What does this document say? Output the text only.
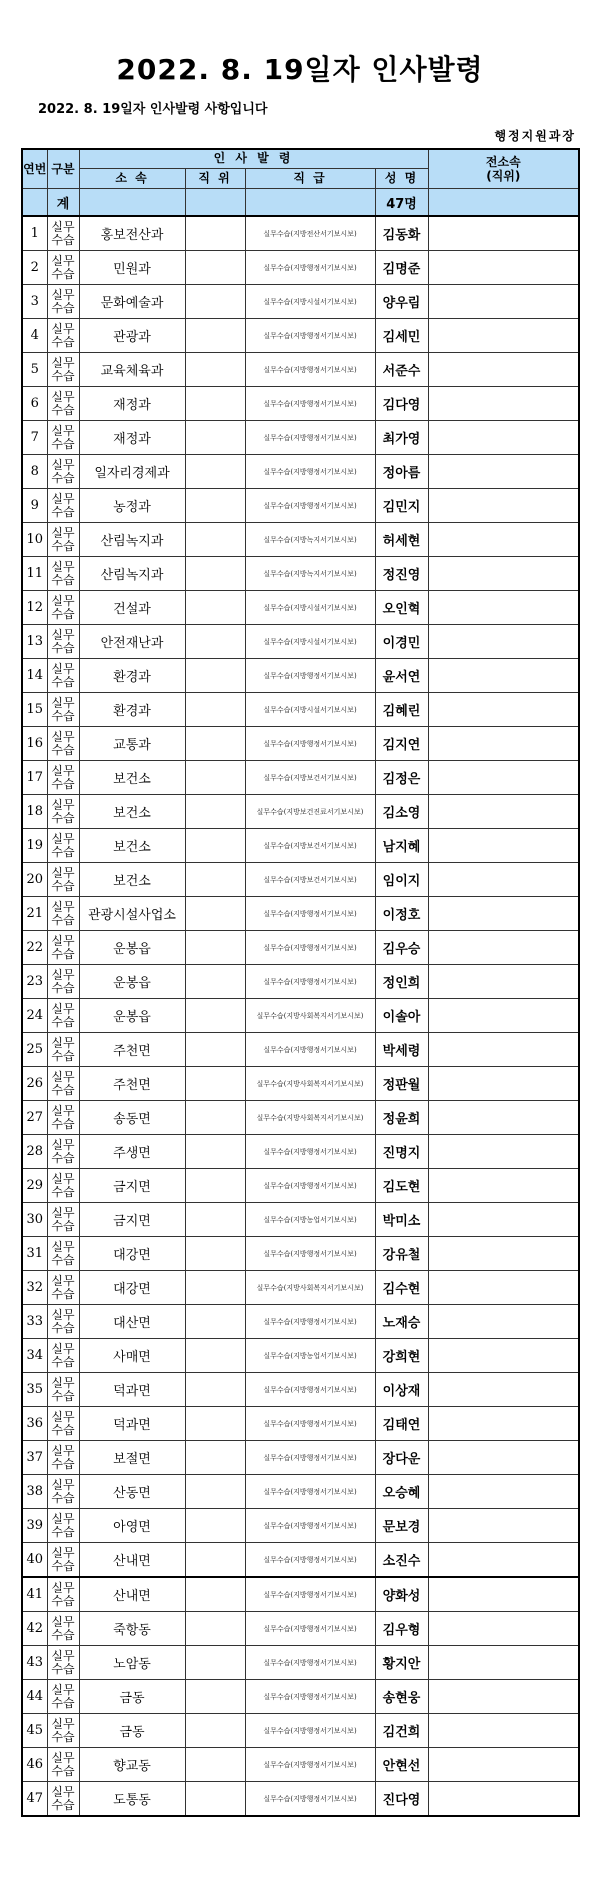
2022. 8. 19일자 인사발령
2022. 8. 19일자 인사발령 사항입니다
행정지원과장
연번	구분	인 사 발 령				전소속
(직위)
		소 속	직 위	직 급	성 명	
	계				47명	
1	실무수습	홍보전산과		실무수습(지방전산서기보시보)	김동화	
2	실무수습	민원과		실무수습(지방행정서기보시보)	김명준	
3	실무수습	문화예술과		실무수습(지방시설서기보시보)	양우림	
4	실무수습	관광과		실무수습(지방행정서기보시보)	김세민	
5	실무수습	교육체육과		실무수습(지방행정서기보시보)	서준수	
6	실무수습	재정과		실무수습(지방행정서기보시보)	김다영	
7	실무수습	재정과		실무수습(지방행정서기보시보)	최가영	
8	실무수습	일자리경제과		실무수습(지방행정서기보시보)	정아름	
9	실무수습	농정과		실무수습(지방행정서기보시보)	김민지	
10	실무수습	산림녹지과		실무수습(지방녹지서기보시보)	허세현	
11	실무수습	산림녹지과		실무수습(지방녹지서기보시보)	정진영	
12	실무수습	건설과		실무수습(지방시설서기보시보)	오인혁	
13	실무수습	안전재난과		실무수습(지방시설서기보시보)	이경민	
14	실무수습	환경과		실무수습(지방행정서기보시보)	윤서연	
15	실무수습	환경과		실무수습(지방시설서기보시보)	김혜린	
16	실무수습	교통과		실무수습(지방행정서기보시보)	김지연	
17	실무수습	보건소		실무수습(지방보건서기보시보)	김정은	
18	실무수습	보건소		실무수습(지방보건진료서기보시보)	김소영	
19	실무수습	보건소		실무수습(지방보건서기보시보)	남지혜	
20	실무수습	보건소		실무수습(지방보건서기보시보)	임이지	
21	실무수습	관광시설사업소		실무수습(지방행정서기보시보)	이정호	
22	실무수습	운봉읍		실무수습(지방행정서기보시보)	김우승	
23	실무수습	운봉읍		실무수습(지방행정서기보시보)	정인희	
24	실무수습	운봉읍		실무수습(지방사회복지서기보시보)	이솔아	
25	실무수습	주천면		실무수습(지방행정서기보시보)	박세령	
26	실무수습	주천면		실무수습(지방사회복지서기보시보)	정판월	
27	실무수습	송동면		실무수습(지방사회복지서기보시보)	정윤희	
28	실무수습	주생면		실무수습(지방행정서기보시보)	진명지	
29	실무수습	금지면		실무수습(지방행정서기보시보)	김도현	
30	실무수습	금지면		실무수습(지방농업서기보시보)	박미소	
31	실무수습	대강면		실무수습(지방행정서기보시보)	강유철	
32	실무수습	대강면		실무수습(지방사회복지서기보시보)	김수현	
33	실무수습	대산면		실무수습(지방행정서기보시보)	노재승	
34	실무수습	사매면		실무수습(지방농업서기보시보)	강희현	
35	실무수습	덕과면		실무수습(지방행정서기보시보)	이상재	
36	실무수습	덕과면		실무수습(지방행정서기보시보)	김태연	
37	실무수습	보절면		실무수습(지방행정서기보시보)	장다운	
38	실무수습	산동면		실무수습(지방행정서기보시보)	오승혜	
39	실무수습	아영면		실무수습(지방행정서기보시보)	문보경	
40	실무수습	산내면		실무수습(지방행정서기보시보)	소진수	
41	실무수습	산내면		실무수습(지방행정서기보시보)	양화성	
42	실무수습	죽항동		실무수습(지방행정서기보시보)	김우형	
43	실무수습	노암동		실무수습(지방행정서기보시보)	황지안	
44	실무수습	금동		실무수습(지방행정서기보시보)	송현웅	
45	실무수습	금동		실무수습(지방행정서기보시보)	김건희	
46	실무수습	향교동		실무수습(지방행정서기보시보)	안현선	
47	실무수습	도통동		실무수습(지방행정서기보시보)	진다영	
